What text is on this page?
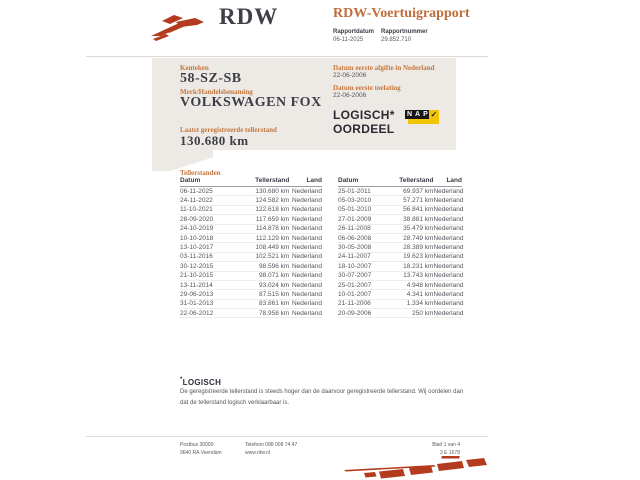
RDW	RDW-Voertuigrapport
Rapportdatum
06-11-2025
Rapportnummer
29.852.710
Kenteken
58-SZ-SB
Merk/Handelsbenaming
VOLKSWAGEN FOX
Laatst geregistreerde tellerstand
130.680 km
Datum eerste afgifte in Nederland
22-06-2006
Datum eerste toelating
22-06-2006
LOGISCH*
OORDEEL
N A P ✓
Tellerstanden
Datum	Tellerstand	Land
06-11-2025	130.680 km Nederland
24-11-2022	124.582 km Nederland
11-10-2021	122.618 km Nederland
28-09-2020	117.659 km Nederland
24-10-2019	114.878 km Nederland
10-10-2018	112.129 km Nederland
13-10-2017	108.449 km Nederland
03-11-2016	102.521 km Nederland
30-12-2015	98.596 km Nederland
21-10-2015	98.071 km Nederland
13-11-2014	93.024 km Nederland
29-06-2013	87.515 km Nederland
31-01-2013	83.861 km Nederland
22-06-2012	78.958 km Nederland
Datum	Tellerstand	Land
25-01-2011	69.937 km Nederland
05-03-2010	57.271 km Nederland
05-01-2010	56.841 km Nederland
27-01-2009	38.881 km Nederland
26-11-2008	35.479 km Nederland
06-06-2008	28.749 km Nederland
30-05-2008	28.389 km Nederland
24-11-2007	19.623 km Nederland
18-10-2007	18.231 km Nederland
30-07-2007	13.743 km Nederland
25-01-2007	4.948 km Nederland
10-01-2007	4.341 km Nederland
21-11-2006	1.334 km Nederland
20-09-2006	250 km Nederland
*LOGISCH
De geregistreerde tellerstand is steeds hoger dan de daarvoor geregistreerde tellerstand. Wij oordelen dan dat de tellerstand logisch verklaarbaar is.
Postbus 30000
9640 RA Veendam
Telefoon 088 008 74 47
www.rdw.nl
Blad 1 van 4
3 E 1678
